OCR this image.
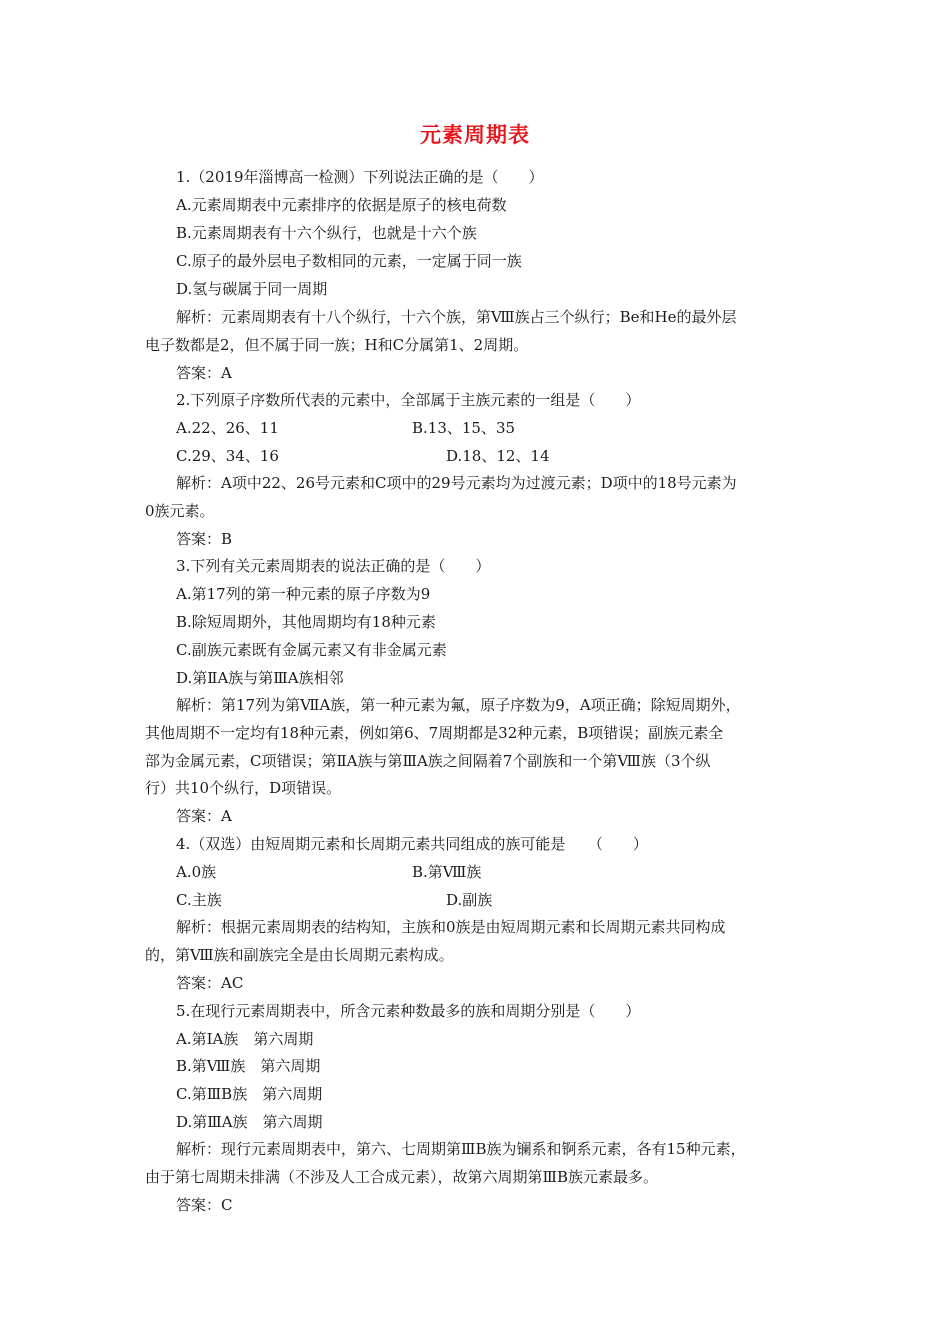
元素周期表
1.（2019年淄博高一检测）下列说法正确的是（　　）
A.元素周期表中元素排序的依据是原子的核电荷数
B.元素周期表有十六个纵行，也就是十六个族
C.原子的最外层电子数相同的元素，一定属于同一族
D.氢与碳属于同一周期
解析：元素周期表有十八个纵行，十六个族，第Ⅷ族占三个纵行；Be和He的最外层
电子数都是2，但不属于同一族；H和C分属第1、2周期。
答案：A
2.下列原子序数所代表的元素中，全部属于主族元素的一组是（　　）
A.22、26、11	B.13、15、35
C.29、34、16	D.18、12、14
解析：A项中22、26号元素和C项中的29号元素均为过渡元素；D项中的18号元素为
0族元素。
答案：B
3.下列有关元素周期表的说法正确的是（　　）
A.第17列的第一种元素的原子序数为9
B.除短周期外，其他周期均有18种元素
C.副族元素既有金属元素又有非金属元素
D.第ⅡA族与第ⅢA族相邻
解析：第17列为第ⅦA族，第一种元素为氟，原子序数为9，A项正确；除短周期外，
其他周期不一定均有18种元素，例如第6、7周期都是32种元素，B项错误；副族元素全
部为金属元素，C项错误；第ⅡA族与第ⅢA族之间隔着7个副族和一个第Ⅷ族（3个纵
行）共10个纵行，D项错误。
答案：A
4.（双选）由短周期元素和长周期元素共同组成的族可能是　　（　　）
A.0族	B.第Ⅷ族
C.主族	D.副族
解析：根据元素周期表的结构知，主族和0族是由短周期元素和长周期元素共同构成
的，第Ⅷ族和副族完全是由长周期元素构成。
答案：AC
5.在现行元素周期表中，所含元素种数最多的族和周期分别是（　　）
A.第ⅠA族　第六周期
B.第Ⅷ族　第六周期
C.第ⅢB族　第六周期
D.第ⅢA族　第六周期
解析：现行元素周期表中，第六、七周期第ⅢB族为镧系和锕系元素，各有15种元素，
由于第七周期未排满（不涉及人工合成元素），故第六周期第ⅢB族元素最多。
答案：C
